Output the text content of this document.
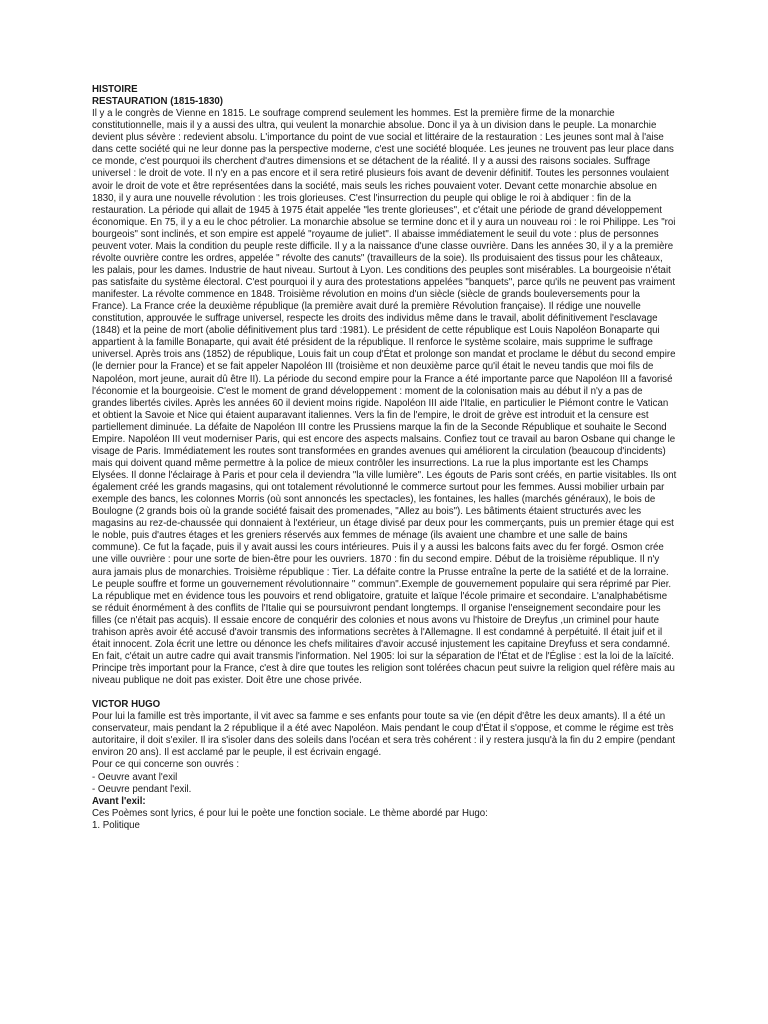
HISTOIRE

RESTAURATION (1815-1830)

Il y a le congrès de Vienne en 1815. Le soufrage comprend seulement les hommes. Est la première firme de la monarchie constitutionnelle, mais il y a aussi des ultra, qui veulent la monarchie absolue. Donc il ya à un division dans le peuple. La monarchie devient plus sévère : redevient absolu. L'importance du point de vue social et littéraire de la restauration : Les jeunes sont mal à l'aise dans cette société qui ne leur donne pas la perspective moderne, c'est une société bloquée. Les jeunes ne trouvent pas leur place dans ce monde, c'est pourquoi ils cherchent d'autres dimensions et se détachent de la réalité. Il y a aussi des raisons sociales. Suffrage universel : le droit de vote. Il n'y en a pas encore et il sera retiré plusieurs fois avant de devenir définitif. Toutes les personnes voulaient avoir le droit de vote et être représentées dans la société, mais seuls les riches pouvaient voter. Devant cette monarchie absolue en 1830, il y aura une nouvelle révolution : les trois glorieuses. C'est l'insurrection du peuple qui oblige le roi à abdiquer : fin de la restauration. La période qui allait de 1945 à 1975 était appelée "les trente glorieuses", et c'était une période de grand développement économique. En 75, il y a eu le choc pétrolier. La monarchie absolue se termine donc et il y aura un nouveau roi : le roi Philippe. Les "roi bourgeois" sont inclinés, et son empire est appelé "royaume de juliet". Il abaisse immédiatement le seuil du vote : plus de personnes peuvent voter. Mais la condition du peuple reste difficile. Il y a la naissance d'une classe ouvrière. Dans les années 30, il y a la première révolte ouvrière contre les ordres, appelée " révolte des canuts" (travailleurs de la soie). Ils produisaient des tissus pour les châteaux, les palais, pour les dames. Industrie de haut niveau. Surtout à Lyon. Les conditions des peuples sont misérables. La bourgeoisie n'était pas satisfaite du système électoral. C'est pourquoi il y aura des protestations appelées "banquets", parce qu'ils ne peuvent pas vraiment manifester. La révolte commence en 1848. Troisième révolution en moins d'un siècle (siècle de grands bouleversements pour la France). La France crée la deuxième république (la première avait duré la première Révolution française). Il rédige une nouvelle constitution, approuvée le suffrage universel, respecte les droits des individus même dans le travail, abolit définitivement l'esclavage (1848) et la peine de mort (abolie définitivement plus tard :1981). Le président de cette république est Louis Napoléon Bonaparte qui appartient à la famille Bonaparte, qui avait été président de la république. Il renforce le système scolaire, mais supprime le suffrage universel. Après trois ans (1852) de république, Louis fait un coup d'État et prolonge son mandat et proclame le début du second empire (le dernier pour la France) et se fait appeler Napoléon III (troisième et non deuxième parce qu'il était le neveu tandis que moi fils de Napoléon, mort jeune, aurait dû être II). La période du second empire pour la France a été importante parce que Napoléon III a favorisé l'économie et la bourgeoisie. C'est le moment de grand développement : moment de la colonisation mais au début il n'y a pas de grandes libertés civiles. Après les années 60 il devient moins rigide. Napoléon III aide l'Italie, en particulier le Piémont contre le Vatican et obtient la Savoie et Nice qui étaient auparavant italiennes. Vers la fin de l'empire, le droit de grève est introduit et la censure est partiellement diminuée. La défaite de Napoléon III contre les Prussiens marque la fin de la Seconde République et souhaite le Second Empire. Napoléon III veut moderniser Paris, qui est encore des aspects malsains. Confiez tout ce travail au baron Osbane qui change le visage de Paris. Immédiatement les routes sont transformées en grandes avenues qui améliorent la circulation (beaucoup d'incidents) mais qui doivent quand même permettre à la police de mieux contrôler les insurrections. La rue la plus importante est les Champs Elysées. Il donne l'éclairage à Paris et pour cela il deviendra "la ville lumière". Les égouts de Paris sont créés, en partie visitables. Ils ont également créé les grands magasins, qui ont totalement révolutionné le commerce surtout pour les femmes. Aussi mobilier urbain par exemple des bancs, les colonnes Morris (où sont annoncés les spectacles), les fontaines, les halles (marchés généraux), le bois de Boulogne (2 grands bois où la grande société faisait des promenades, "Allez au bois"). Les bâtiments étaient structurés avec les magasins au rez-de-chaussée qui donnaient à l'extérieur, un étage divisé par deux pour les commerçants, puis un premier étage qui est le noble, puis d'autres étages et les greniers réservés aux femmes de ménage (ils avaient une chambre et une salle de bains commune). Ce fut la façade, puis il y avait aussi les cours intérieures. Puis il y a aussi les balcons faits avec du fer forgé. Osmon crée une ville ouvrière : pour une sorte de bien-être pour les ouvriers. 1870 : fin du second empire. Début de la troisième république. Il n'y aura jamais plus de monarchies. Troisième république : Tier. La défaite contre la Prusse entraîne la perte de la satiété et de la lorraine. Le peuple souffre et forme un gouvernement révolutionnaire " commun".Exemple de gouvernement populaire qui sera réprimé par Pier. La république met en évidence tous les pouvoirs et rend obligatoire, gratuite et laïque l'école primaire et secondaire. L'analphabétisme se réduit énormément à des conflits de l'Italie qui se poursuivront pendant longtemps. Il organise l'enseignement secondaire pour les filles (ce n'était pas acquis). Il essaie encore de conquérir des colonies et nous avons vu l'histoire de Dreyfus ,un criminel pour haute trahison après avoir été accusé d'avoir transmis des informations secrètes à l'Allemagne. Il est condamné à perpétuité. Il était juif et il était innocent. Zola écrit une lettre ou dénonce les chefs militaires d'avoir accusé injustement les capitaine Dreyfuss et sera condamné. En fait, c'était un autre cadre qui avait transmis l'information. Nel 1905: loi sur la séparation de l'État et de l'Église : est la loi de la laïcité. Principe très important pour la France, c'est à dire que toutes les religion sont tolérées chacun peut suivre la religion quel réfère mais au niveau publique ne doit pas exister. Doit être une chose privée.

VICTOR HUGO

Pour lui la famille est très importante, il vit avec sa famme e ses enfants pour toute sa vie (en dépit d'être les deux amants). Il a été un conservateur, mais pendant la 2 république il a été avec Napoléon. Mais pendant le coup d'État il s'oppose, et comme le régime est très autoritaire, il doit s'exiler. Il ira s'isoler dans des soleils dans l'océan et sera très cohérent : il y restera jusqu'à la fin du 2 empire (pendant environ 20 ans). Il est acclamé par le peuple, il est écrivain engagé.

Pour ce qui concerne son ouvrés :

- Oeuvre avant l'exil

- Oeuvre pendant l'exil.

Avant l'exil:

Ces Poèmes sont lyrics, é pour lui le poète une fonction sociale. Le thème abordé par Hugo:

1. Politique
